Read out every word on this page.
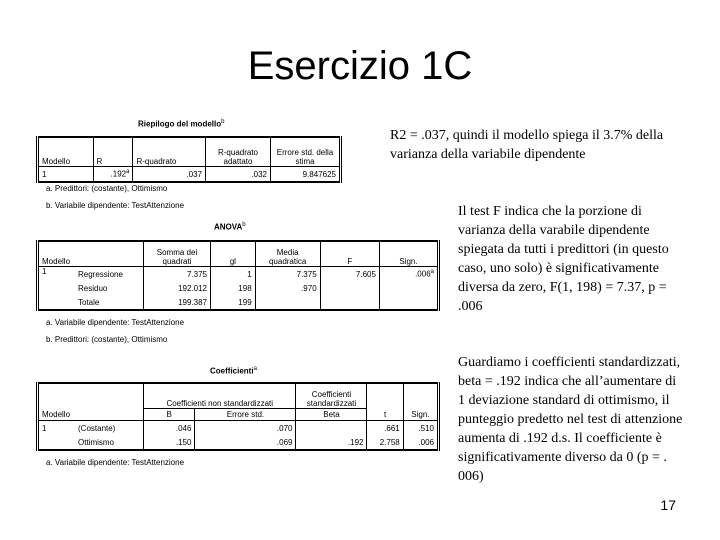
Esercizio 1C
Riepilogo del modello$^b$
Modello	R	R-quadrato	R-quadrato adattato	Errore std. della stima
1	.192$^a$	.037	.032	9.847625
a. Predittori: (costante), Ottimismo
b. Variabile dipendente: TestAttenzione
ANOVA$^b$
Modello		Somma dei quadrati	gl	Media quadratica	F	Sign.
1	Regressione	7.375	1	7.375	7.605	.006$^a$
	Residuo	192.012	198	.970		
	Totale	199.387	199			
a. Variabile dipendente: TestAttenzione
b. Predittori: (costante), Ottimismo
Coefficienti$^a$
		Coefficienti non standardizzati		Coefficienti standardizzati		
Modello		B	Errore std.	Beta	t	Sign.
1	(Costante)	.046	.070		.661	.510
	Ottimismo	.150	.069	.192	2.758	.006
a. Variabile dipendente: TestAttenzione
R2 = .037, quindi il modello spiega il 3.7% della varianza della variabile dipendente
Il test F indica che la porzione di varianza della varabile dipendente spiegata da tutti i predittori (in questo caso, uno solo) è significativamente diversa da zero, F(1, 198) = 7.37, p = .006
Guardiamo i coefficienti standardizzati, beta = .192 indica che all’aumentare di 1 deviazione standard di ottimismo, il punteggio predetto nel test di attenzione aumenta di .192 d.s. Il coefficiente è significativamente diverso da 0 (p = . 006)
17
